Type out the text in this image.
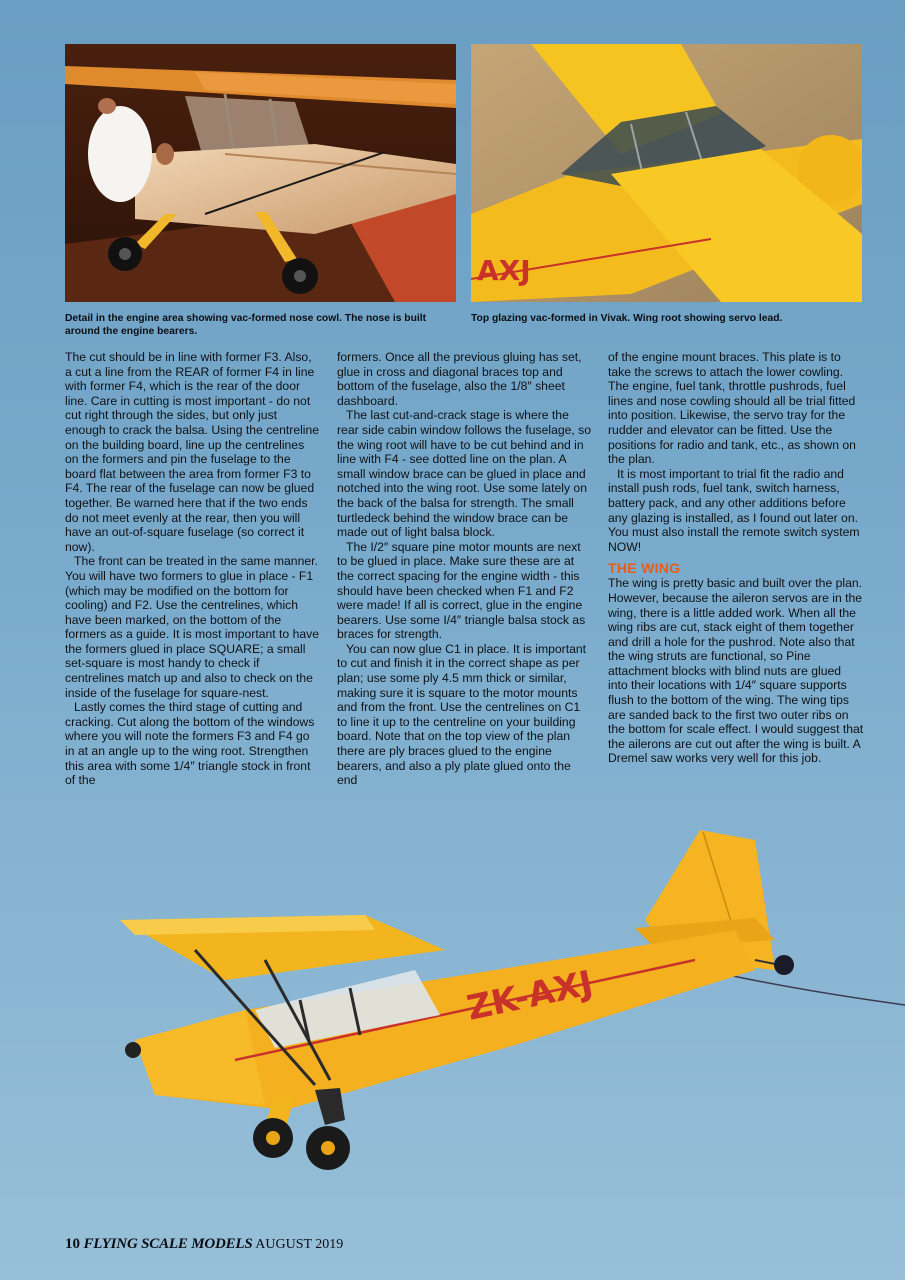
AXJ

Detail in the engine area showing vac-formed nose cowl. The nose is built around the engine bearers.

Top glazing vac-formed in Vivak. Wing root showing servo lead.

The cut should be in line with former F3. Also, a cut a line from the REAR of former F4 in line with former F4, which is the rear of the door line. Care in cutting is most important - do not cut right through the sides, but only just enough to crack the balsa. Using the centreline on the building board, line up the centrelines on the formers and pin the fuselage to the board flat between the area from former F3 to F4. The rear of the fuselage can now be glued together. Be warned here that if the two ends do not meet evenly at the rear, then you will have an out-of-square fuselage (so correct it now).

The front can be treated in the same manner. You will have two formers to glue in place - F1 (which may be modified on the bottom for cooling) and F2. Use the centrelines, which have been marked, on the bottom of the formers as a guide. It is most important to have the formers glued in place SQUARE; a small set-square is most handy to check if centrelines match up and also to check on the inside of the fuselage for square-nest.

Lastly comes the third stage of cutting and cracking. Cut along the bottom of the windows where you will note the formers F3 and F4 go in at an angle up to the wing root. Strengthen this area with some 1/4″ triangle stock in front of the

formers. Once all the previous gluing has set, glue in cross and diagonal braces top and bottom of the fuselage, also the 1/8″ sheet dashboard.

The last cut-and-crack stage is where the rear side cabin window follows the fuselage, so the wing root will have to be cut behind and in line with F4 - see dotted line on the plan. A small window brace can be glued in place and notched into the wing root. Use some lately on the back of the balsa for strength. The small turtledeck behind the window brace can be made out of light balsa block.

The I/2″ square pine motor mounts are next to be glued in place. Make sure these are at the correct spacing for the engine width - this should have been checked when F1 and F2 were made! If all is correct, glue in the engine bearers. Use some I/4″ triangle balsa stock as braces for strength.

You can now glue C1 in place. It is important to cut and finish it in the correct shape as per plan; use some ply 4.5 mm thick or similar, making sure it is square to the motor mounts and from the front. Use the centrelines on C1 to line it up to the centreline on your building board. Note that on the top view of the plan there are ply braces glued to the engine bearers, and also a ply plate glued onto the end

of the engine mount braces. This plate is to take the screws to attach the lower cowling. The engine, fuel tank, throttle pushrods, fuel lines and nose cowling should all be trial fitted into position. Likewise, the servo tray for the rudder and elevator can be fitted. Use the positions for radio and tank, etc., as shown on the plan.

It is most important to trial fit the radio and install push rods, fuel tank, switch harness, battery pack, and any other additions before any glazing is installed, as I found out later on. You must also install the remote switch system NOW!

THE WING

The wing is pretty basic and built over the plan. However, because the aileron servos are in the wing, there is a little added work. When all the wing ribs are cut, stack eight of them together and drill a hole for the pushrod. Note also that the wing struts are functional, so Pine attachment blocks with blind nuts are glued into their locations with 1/4″ square supports flush to the bottom of the wing. The wing tips are sanded back to the first two outer ribs on the bottom for scale effect. I would suggest that the ailerons are cut out after the wing is built. A Dremel saw works very well for this job.

ZK-AXJ
10 FLYING SCALE MODELS AUGUST 2019
